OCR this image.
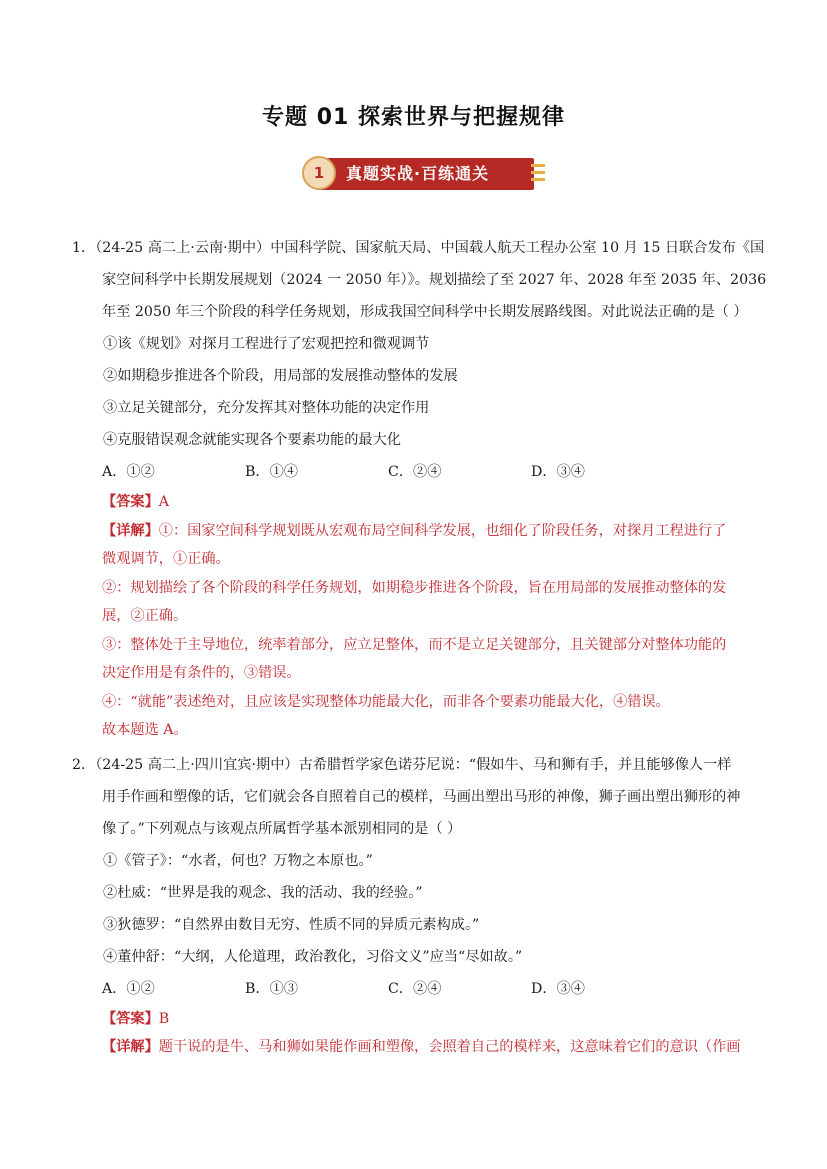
专题 01 探索世界与把握规律
1	真题实战·百练通关
1．（24-25 高二上·云南·期中）中国科学院、国家航天局、中国载人航天工程办公室 10 月 15 日联合发布《国
家空间科学中长期发展规划（2024 一 2050 年）》。规划描绘了至 2027 年、2028 年至 2035 年、2036
年至 2050 年三个阶段的科学任务规划，形成我国空间科学中长期发展路线图。对此说法正确的是（ ）
①该《规划》对探月工程进行了宏观把控和微观调节
②如期稳步推进各个阶段，用局部的发展推动整体的发展
③立足关键部分，充分发挥其对整体功能的决定作用
④克服错误观念就能实现各个要素功能的最大化
A．①②	B．①④	C．②④	D．③④
【答案】A
【详解】①：国家空间科学规划既从宏观布局空间科学发展，也细化了阶段任务，对探月工程进行了
微观调节，①正确。
②：规划描绘了各个阶段的科学任务规划，如期稳步推进各个阶段，旨在用局部的发展推动整体的发
展，②正确。
③：整体处于主导地位，统率着部分，应立足整体，而不是立足关键部分，且关键部分对整体功能的
决定作用是有条件的，③错误。
④：“就能”表述绝对，且应该是实现整体功能最大化，而非各个要素功能最大化，④错误。
故本题选 A。
2．（24-25 高二上·四川宜宾·期中）古希腊哲学家色诺芬尼说：“假如牛、马和狮有手，并且能够像人一样
用手作画和塑像的话，它们就会各自照着自己的模样，马画出塑出马形的神像，狮子画出塑出狮形的神
像了。”下列观点与该观点所属哲学基本派别相同的是（ ）
①《管子》：“水者，何也？万物之本原也。”
②杜威：“世界是我的观念、我的活动、我的经验。”
③狄德罗：“自然界由数目无穷、性质不同的异质元素构成。”
④董仲舒：“大纲，人伦道理，政治教化，习俗文义”应当“尽如故。”
A．①②	B．①③	C．②④	D．③④
【答案】B
【详解】题干说的是牛、马和狮如果能作画和塑像，会照着自己的模样来，这意味着它们的意识（作画
